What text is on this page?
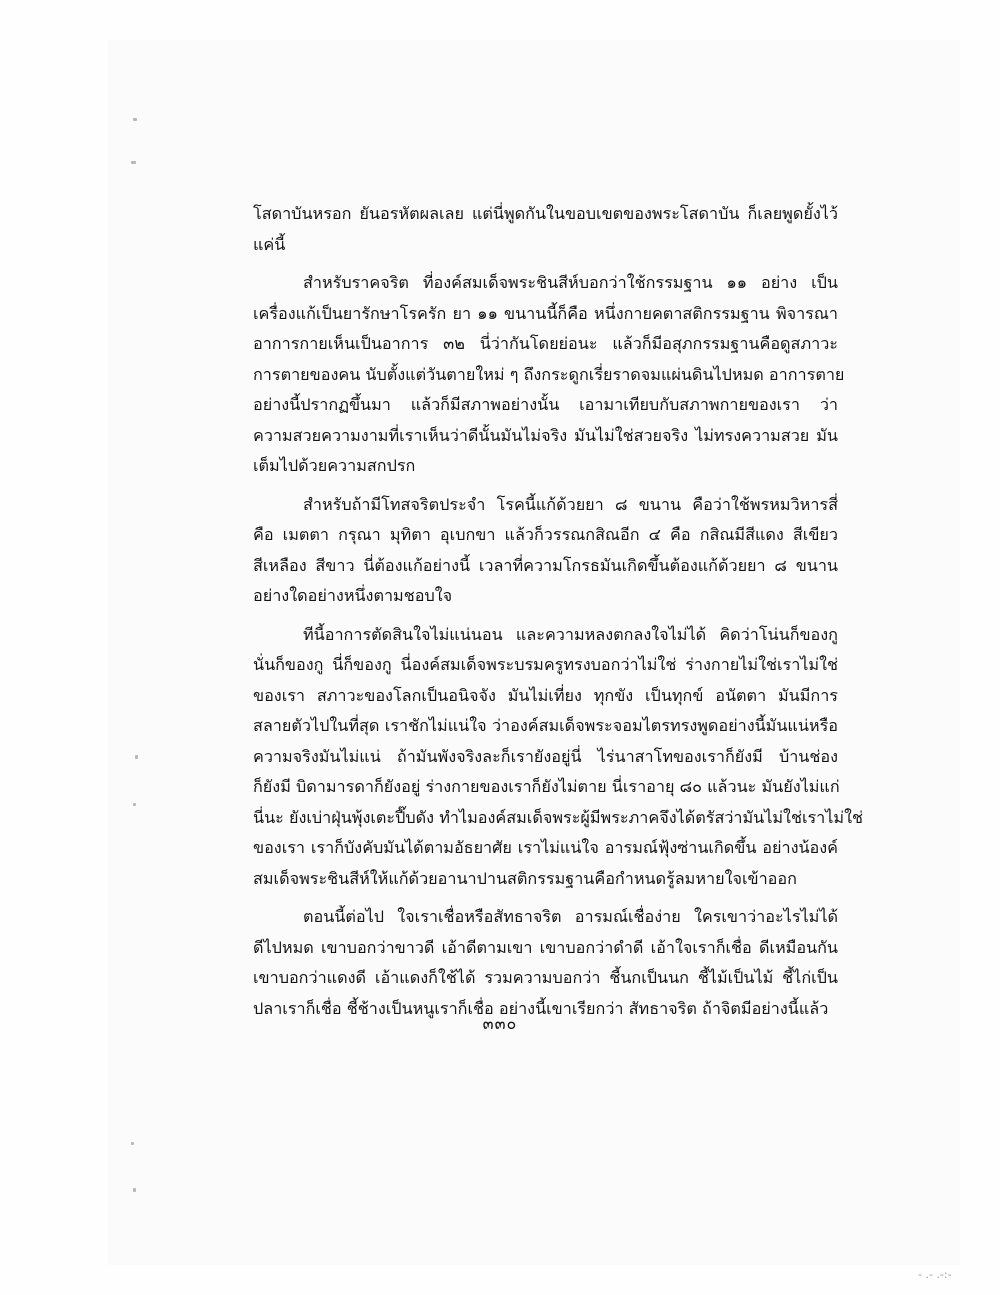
โสดาบันหรอก ยันอรหัตผลเลย แต่นี่พูดกันในขอบเขตของพระโสดาบัน ก็เลยพูดยั้งไว้
แค่นี้
สำหรับราคจริต ที่องค์สมเด็จพระชินสีห์บอกว่าใช้กรรมฐาน ๑๑ อย่าง เป็น
เครื่องแก้เป็นยารักษาโรครัก ยา ๑๑ ขนานนี้ก็คือ หนึ่งกายคตาสติกรรมฐาน พิจารณา
อาการกายเห็นเป็นอาการ ๓๒ นี่ว่ากันโดยย่อนะ แล้วก็มีอสุภกรรมฐานคือดูสภาวะ
การตายของคน นับตั้งแต่วันตายใหม่ ๆ ถึงกระดูกเรี่ยราดจมแผ่นดินไปหมด อาการตาย
อย่างนี้ปรากฏขึ้นมา แล้วก็มีสภาพอย่างนั้น เอามาเทียบกับสภาพกายของเรา ว่า
ความสวยความงามที่เราเห็นว่าดีนั้นมันไม่จริง มันไม่ใช่สวยจริง ไม่ทรงความสวย มัน
เต็มไปด้วยความสกปรก
สำหรับถ้ามีโทสจริตประจำ โรคนี้แก้ด้วยยา ๘ ขนาน คือว่าใช้พรหมวิหารสี่
คือ เมตตา กรุณา มุทิตา อุเบกขา แล้วก็วรรณกสิณอีก ๔ คือ กสิณมีสีแดง สีเขียว
สีเหลือง สีขาว นี่ต้องแก้อย่างนี้ เวลาที่ความโกรธมันเกิดขึ้นต้องแก้ด้วยยา ๘ ขนาน
อย่างใดอย่างหนึ่งตามชอบใจ
ทีนี้อาการตัดสินใจไม่แน่นอน และความหลงตกลงใจไม่ได้ คิดว่าโน่นก็ของกู
นั่นก็ของกู นี่ก็ของกู นี่องค์สมเด็จพระบรมครูทรงบอกว่าไม่ใช่ ร่างกายไม่ใช่เราไม่ใช่
ของเรา สภาวะของโลกเป็นอนิจจัง มันไม่เที่ยง ทุกขัง เป็นทุกข์ อนัตตา มันมีการ
สลายตัวไปในที่สุด เราชักไม่แน่ใจ ว่าองค์สมเด็จพระจอมไตรทรงพูดอย่างนี้มันแน่หรือ
ความจริงมันไม่แน่ ถ้ามันพังจริงละก็เรายังอยู่นี่ ไร่นาสาโทของเราก็ยังมี บ้านช่อง
ก็ยังมี บิดามารดาก็ยังอยู่ ร่างกายของเราก็ยังไม่ตาย นี่เราอายุ ๘๐ แล้วนะ มันยังไม่แก่
นี่นะ ยังเบ่าฝุ่นพุ้งเตะปี๊บดัง ทำไมองค์สมเด็จพระผู้มีพระภาคจึงได้ตรัสว่ามันไม่ใช่เราไม่ใช่
ของเรา เราก็บังคับมันได้ตามอัธยาศัย เราไม่แน่ใจ อารมณ์ฟุ้งซ่านเกิดขึ้น อย่างน้องค์
สมเด็จพระชินสีห์ให้แก้ด้วยอานาปานสติกรรมฐานคือกำหนดรู้ลมหายใจเข้าออก
ตอนนี้ต่อไป ใจเราเชื่อหรือสัทธาจริต อารมณ์เชื่อง่าย ใครเขาว่าอะไรไม่ได้
ดีไปหมด เขาบอกว่าขาวดี เอ้าดีตามเขา เขาบอกว่าดำดี เอ้าใจเราก็เชื่อ ดีเหมือนกัน
เขาบอกว่าแดงดี เอ้าแดงก็ใช้ได้ รวมความบอกว่า ชี้นกเป็นนก ชี้ไม้เป็นไม้ ชี้ไก่เป็น
ปลาเราก็เชื่อ ชี้ช้างเป็นหนูเราก็เชื่อ อย่างนี้เขาเรียกว่า สัทธาจริต ถ้าจิตมีอย่างนี้แล้ว
๓๓๐
- .- .-:-
